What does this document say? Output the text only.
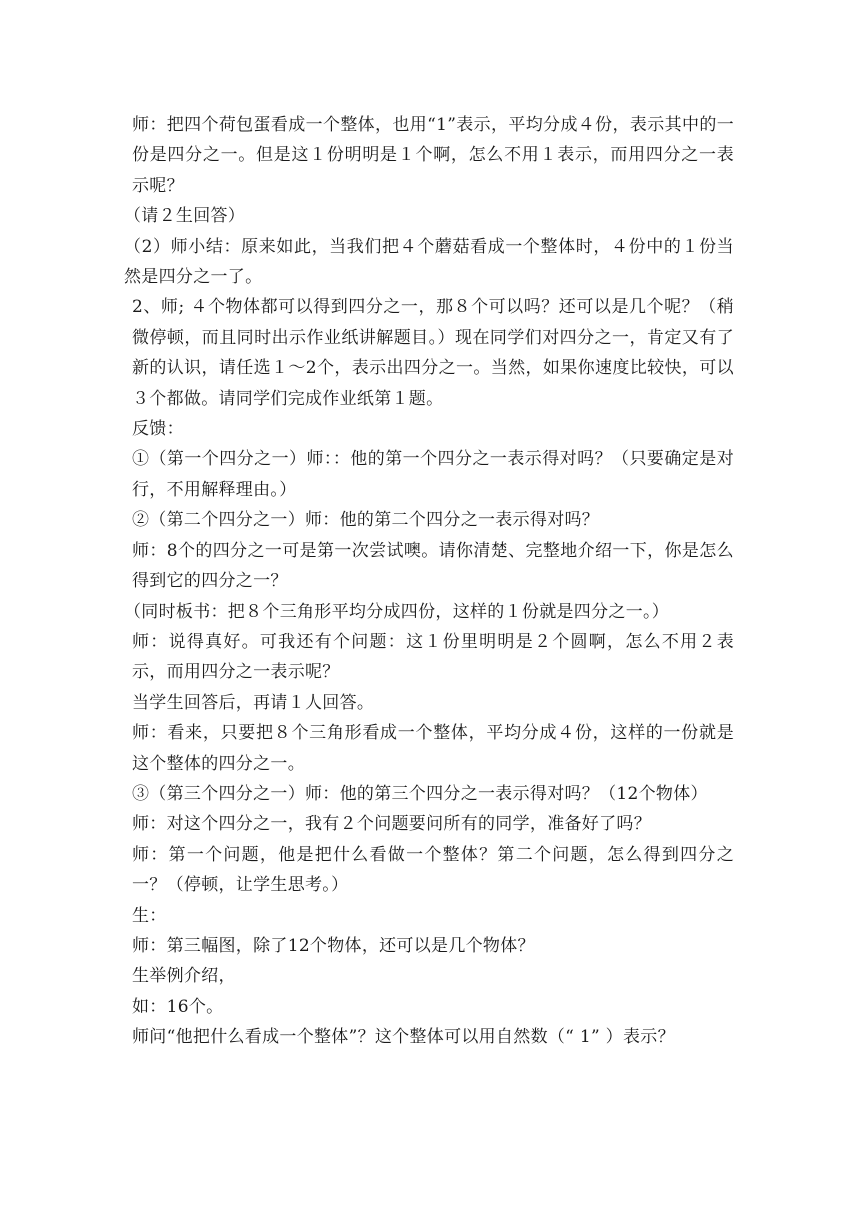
师：把四个荷包蛋看成一个整体，也用“1”表示，平均分成４份，表示其中的一份是四分之一。但是这１份明明是１个啊，怎么不用１表示，而用四分之一表示呢？

（请２生回答）

（2）师小结：原来如此，当我们把４个蘑菇看成一个整体时，４份中的１份当然是四分之一了。

2、师; ４个物体都可以得到四分之一，那８个可以吗？还可以是几个呢？（稍微停顿，而且同时出示作业纸讲解题目。）现在同学们对四分之一，肯定又有了新的认识，请任选１～2个，表示出四分之一。当然，如果你速度比较快，可以３个都做。请同学们完成作业纸第１题。

反馈：

①（第一个四分之一）师：：他的第一个四分之一表示得对吗？（只要确定是对行，不用解释理由。）

②（第二个四分之一）师：他的第二个四分之一表示得对吗？

师：8个的四分之一可是第一次尝试噢。请你清楚、完整地介绍一下，你是怎么得到它的四分之一？

（同时板书：把８个三角形平均分成四份，这样的１份就是四分之一。）

师：说得真好。可我还有个问题：这１份里明明是２个圆啊，怎么不用２表示，而用四分之一表示呢？

当学生回答后，再请１人回答。

师：看来，只要把８个三角形看成一个整体，平均分成４份，这样的一份就是这个整体的四分之一。

③（第三个四分之一）师：他的第三个四分之一表示得对吗？（12个物体）

师：对这个四分之一，我有２个问题要问所有的同学，准备好了吗？

师：第一个问题，他是把什么看做一个整体？第二个问题，怎么得到四分之一？（停顿，让学生思考。）

生：

师：第三幅图，除了12个物体，还可以是几个物体？

生举例介绍，

如：16个。

师问“他把什么看成一个整体”？这个整体可以用自然数（“ 1” ）表示？
